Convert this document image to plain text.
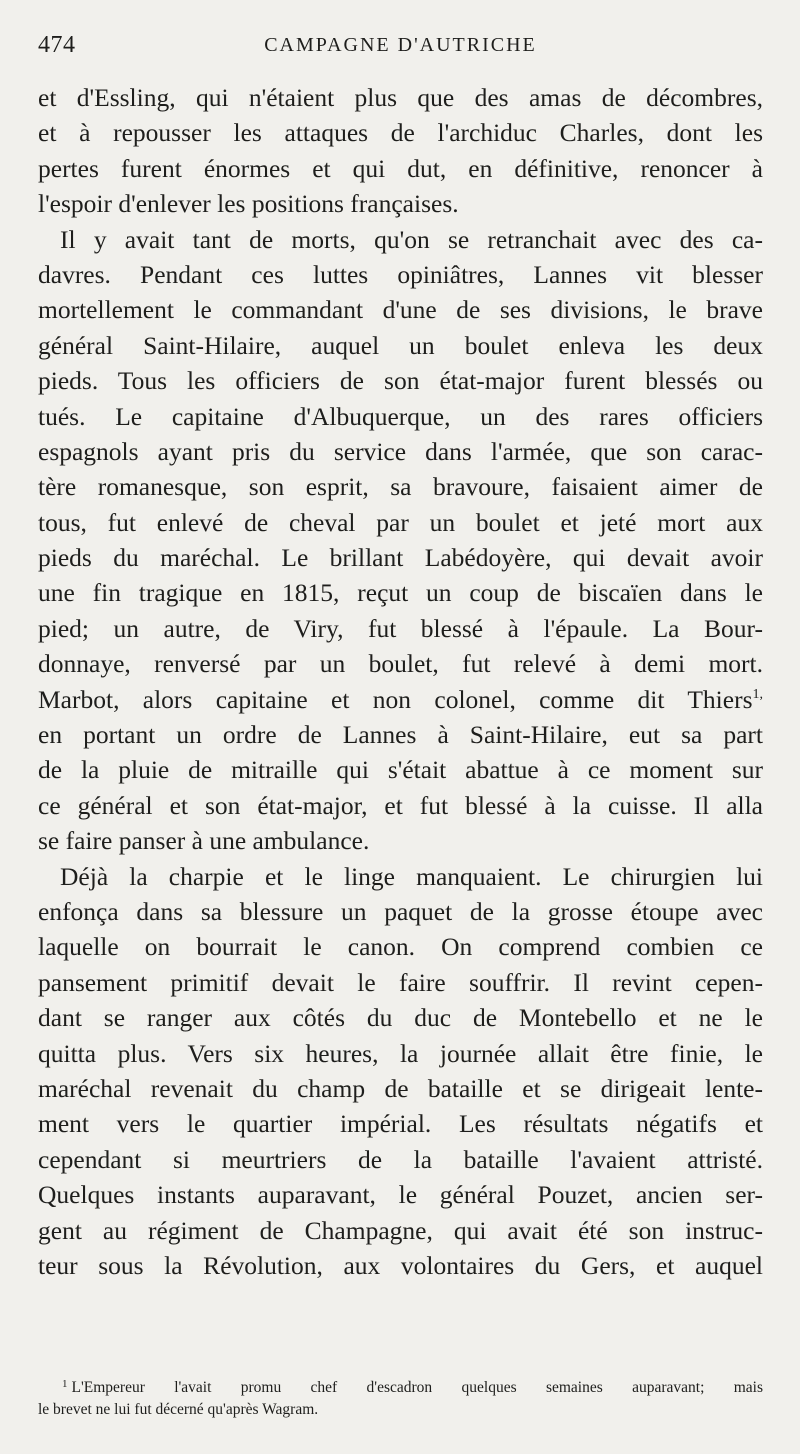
474	CAMPAGNE D'AUTRICHE
et d'Essling, qui n'étaient plus que des amas de décombres,
et à repousser les attaques de l'archiduc Charles, dont les
pertes furent énormes et qui dut, en définitive, renoncer à
l'espoir d'enlever les positions françaises.
Il y avait tant de morts, qu'on se retranchait avec des ca-
davres. Pendant ces luttes opiniâtres, Lannes vit blesser
mortellement le commandant d'une de ses divisions, le brave
général Saint-Hilaire, auquel un boulet enleva les deux
pieds. Tous les officiers de son état-major furent blessés ou
tués. Le capitaine d'Albuquerque, un des rares officiers
espagnols ayant pris du service dans l'armée, que son carac-
tère romanesque, son esprit, sa bravoure, faisaient aimer de
tous, fut enlevé de cheval par un boulet et jeté mort aux
pieds du maréchal. Le brillant Labédoyère, qui devait avoir
une fin tragique en 1815, reçut un coup de biscaïen dans le
pied; un autre, de Viry, fut blessé à l'épaule. La Bour-
donnaye, renversé par un boulet, fut relevé à demi mort.
Marbot, alors capitaine et non colonel, comme dit Thiers$^{1,}$
en portant un ordre de Lannes à Saint-Hilaire, eut sa part
de la pluie de mitraille qui s'était abattue à ce moment sur
ce général et son état-major, et fut blessé à la cuisse. Il alla
se faire panser à une ambulance.
Déjà la charpie et le linge manquaient. Le chirurgien lui
enfonça dans sa blessure un paquet de la grosse étoupe avec
laquelle on bourrait le canon. On comprend combien ce
pansement primitif devait le faire souffrir. Il revint cepen-
dant se ranger aux côtés du duc de Montebello et ne le
quitta plus. Vers six heures, la journée allait être finie, le
maréchal revenait du champ de bataille et se dirigeait lente-
ment vers le quartier impérial. Les résultats négatifs et
cependant si meurtriers de la bataille l'avaient attristé.
Quelques instants auparavant, le général Pouzet, ancien ser-
gent au régiment de Champagne, qui avait été son instruc-
teur sous la Révolution, aux volontaires du Gers, et auquel
$^1$ L'Empereur l'avait promu chef d'escadron quelques semaines auparavant; mais
le brevet ne lui fut décerné qu'après Wagram.
